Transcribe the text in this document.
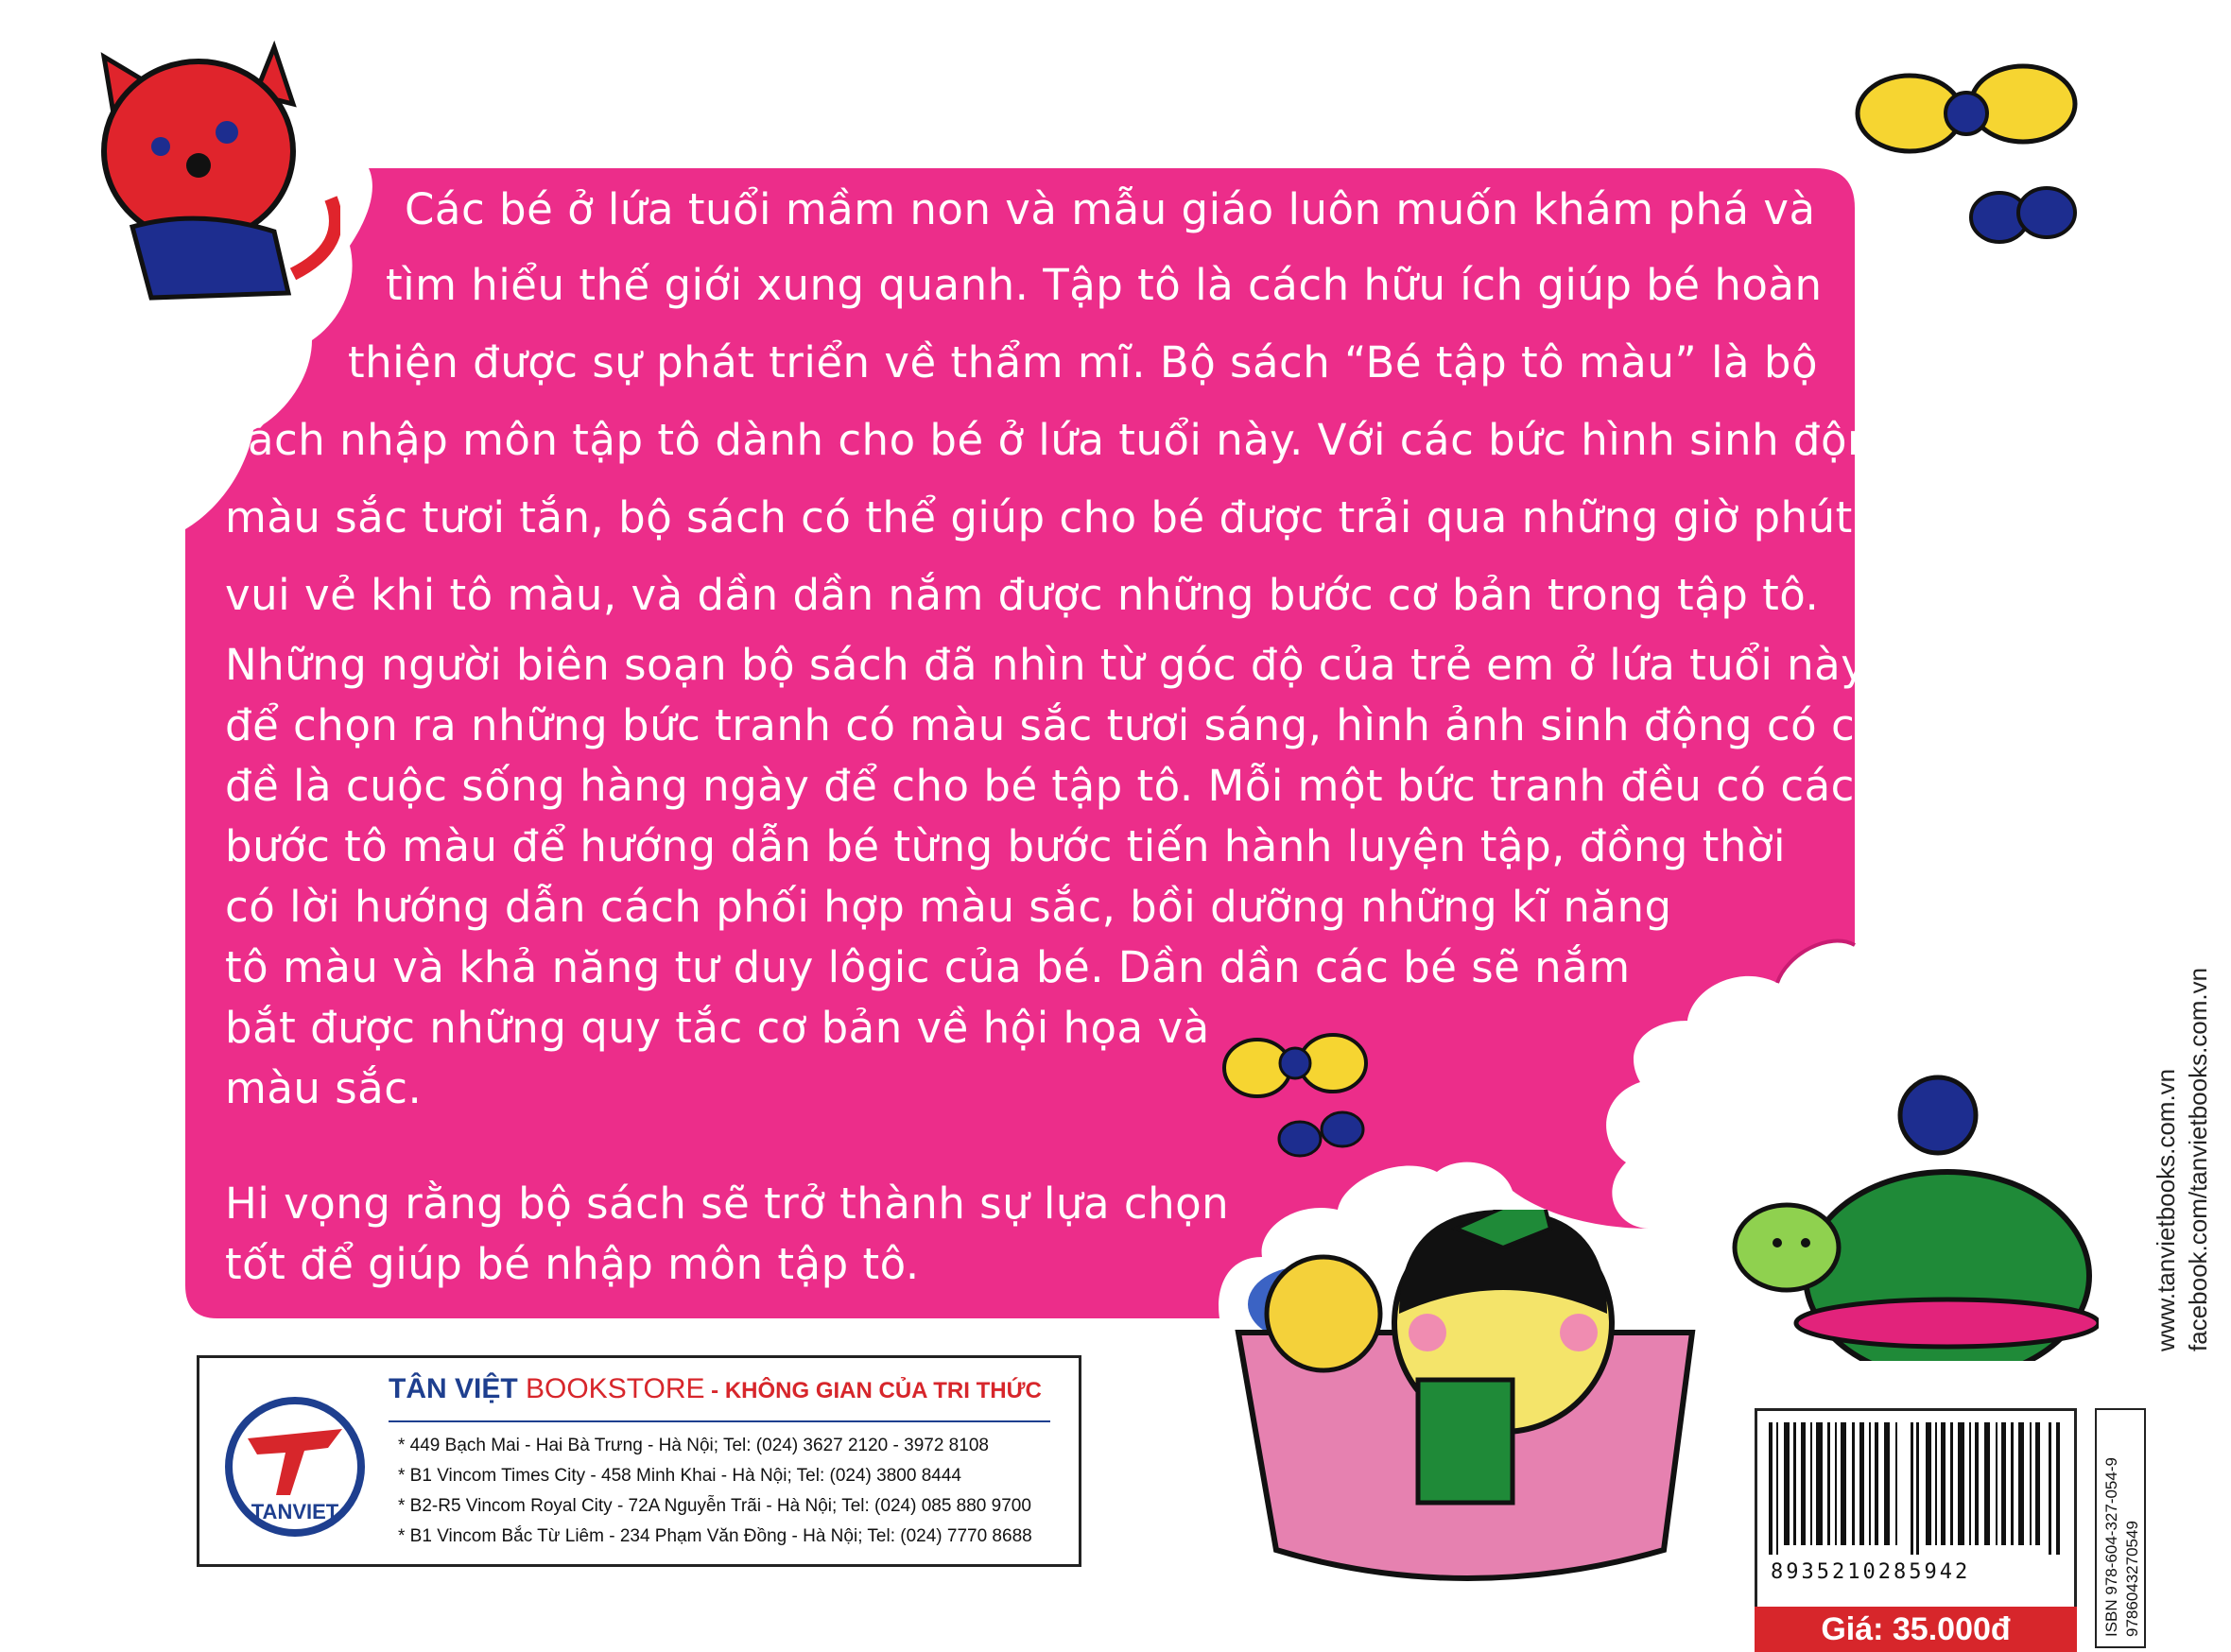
Các bé ở lứa tuổi mầm non và mẫu giáo luôn muốn khám phá và
tìm hiểu thế giới xung quanh. Tập tô là cách hữu ích giúp bé hoàn
thiện được sự phát triển về thẩm mĩ. Bộ sách “Bé tập tô màu” là bộ
sách nhập môn tập tô dành cho bé ở lứa tuổi này. Với các bức hình sinh động,
màu sắc tươi tắn, bộ sách có thể giúp cho bé được trải qua những giờ phút
vui vẻ khi tô màu, và dần dần nắm được những bước cơ bản trong tập tô.
Những người biên soạn bộ sách đã nhìn từ góc độ của trẻ em ở lứa tuổi này
để chọn ra những bức tranh có màu sắc tươi sáng, hình ảnh sinh động có chủ
đề là cuộc sống hàng ngày để cho bé tập tô. Mỗi một bức tranh đều có các
bước tô màu để hướng dẫn bé từng bước tiến hành luyện tập, đồng thời
có lời hướng dẫn cách phối hợp màu sắc, bồi dưỡng những kĩ năng
tô màu và khả năng tư duy lôgic của bé. Dần dần các bé sẽ nắm
bắt được những quy tắc cơ bản về hội họa và
màu sắc.
Hi vọng rằng bộ sách sẽ trở thành sự lựa chọn
tốt để giúp bé nhập môn tập tô.
TANVIET
TÂN VIỆT BOOKSTORE - KHÔNG GIAN CỦA TRI THỨC
* 449 Bạch Mai - Hai Bà Trưng - Hà Nội; Tel: (024) 3627 2120 - 3972 8108
* B1 Vincom Times City - 458 Minh Khai - Hà Nội; Tel: (024) 3800 8444
* B2-R5 Vincom Royal City - 72A Nguyễn Trãi - Hà Nội; Tel: (024) 085 880 9700
* B1 Vincom Bắc Từ Liêm - 234 Phạm Văn Đồng - Hà Nội; Tel: (024) 7770 8688
8935210285942
Giá: 35.000đ	ISBN 978-604-327-054-9 9786043270549
www.tanvietbooks.com.vn facebook.com/tanvietbooks.com.vn
